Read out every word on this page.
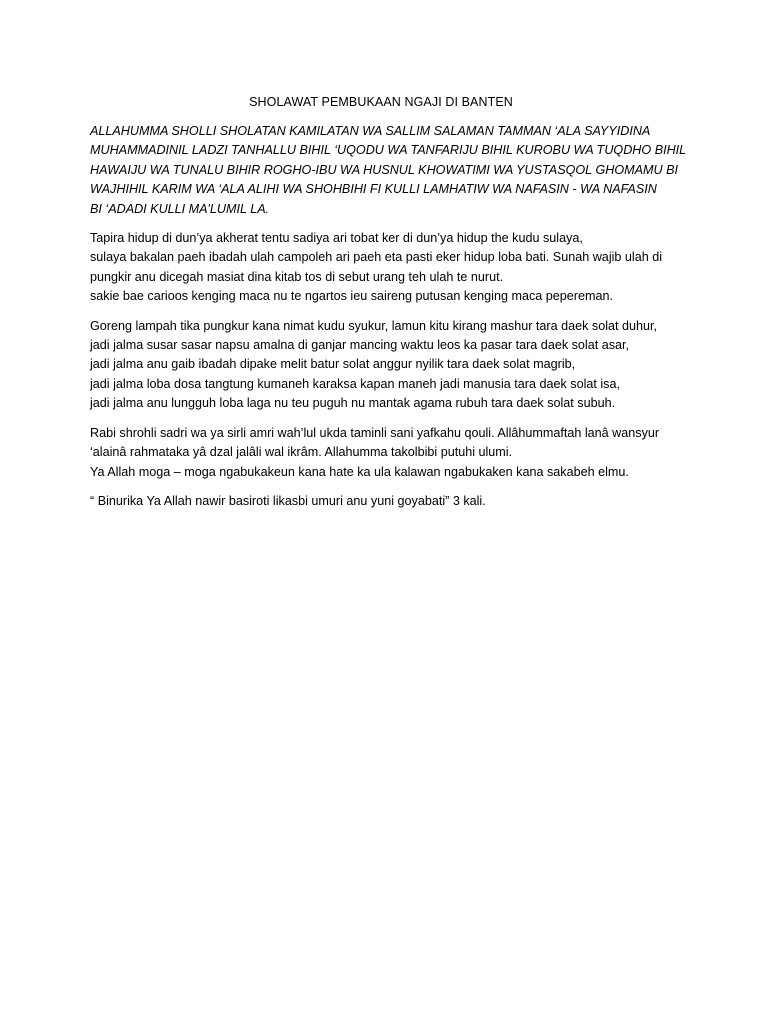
SHOLAWAT PEMBUKAAN NGAJI DI BANTEN
ALLAHUMMA SHOLLI SHOLATAN KAMILATAN WA SALLIM SALAMAN TAMMAN ‘ALA SAYYIDINA
MUHAMMADINIL LADZI TANHALLU BIHIL ‘UQODU WA TANFARIJU BIHIL KUROBU WA TUQDHO BIHIL
HAWAIJU WA TUNALU BIHIR ROGHO-IBU WA HUSNUL KHOWATIMI WA YUSTASQOL GHOMAMU BI
WAJHIHIL KARIM WA ‘ALA ALIHI WA SHOHBIHI FI KULLI LAMHATIW WA NAFASIN - WA NAFASIN
BI ‘ADADI KULLI MA’LUMIL LA.
Tapira hidup di dun’ya akherat tentu sadiya ari tobat ker di dun’ya hidup the kudu sulaya,
sulaya bakalan paeh ibadah ulah campoleh ari paeh eta pasti eker hidup loba bati. Sunah wajib ulah di
pungkir anu dicegah masiat dina kitab tos di sebut urang teh ulah te nurut.
sakie bae carioos kenging maca nu te ngartos ieu saireng putusan kenging maca pepereman.
Goreng lampah tika pungkur kana nimat kudu syukur, lamun kitu kirang mashur tara daek solat duhur,
jadi jalma susar sasar napsu amalna di ganjar mancing waktu leos ka pasar tara daek solat asar,
jadi jalma anu gaib ibadah dipake melit batur solat anggur nyilik tara daek solat magrib,
jadi jalma loba dosa tangtung kumaneh karaksa kapan maneh jadi manusia tara daek solat isa,
jadi jalma anu lungguh loba laga nu teu puguh nu mantak agama rubuh tara daek solat subuh.
Rabi shrohli sadri wa ya sirli amri wah’lul ukda taminli sani yafkahu qouli. Allâhummaftah lanâ wansyur
‘alainâ rahmataka yâ dzal jalâli wal ikrâm. Allahumma takolbibi putuhi ulumi.
Ya Allah moga – moga ngabukakeun kana hate ka ula kalawan ngabukaken kana sakabeh elmu.
“ Binurika Ya Allah nawir basiroti likasbi umuri anu yuni goyabati” 3 kali.
